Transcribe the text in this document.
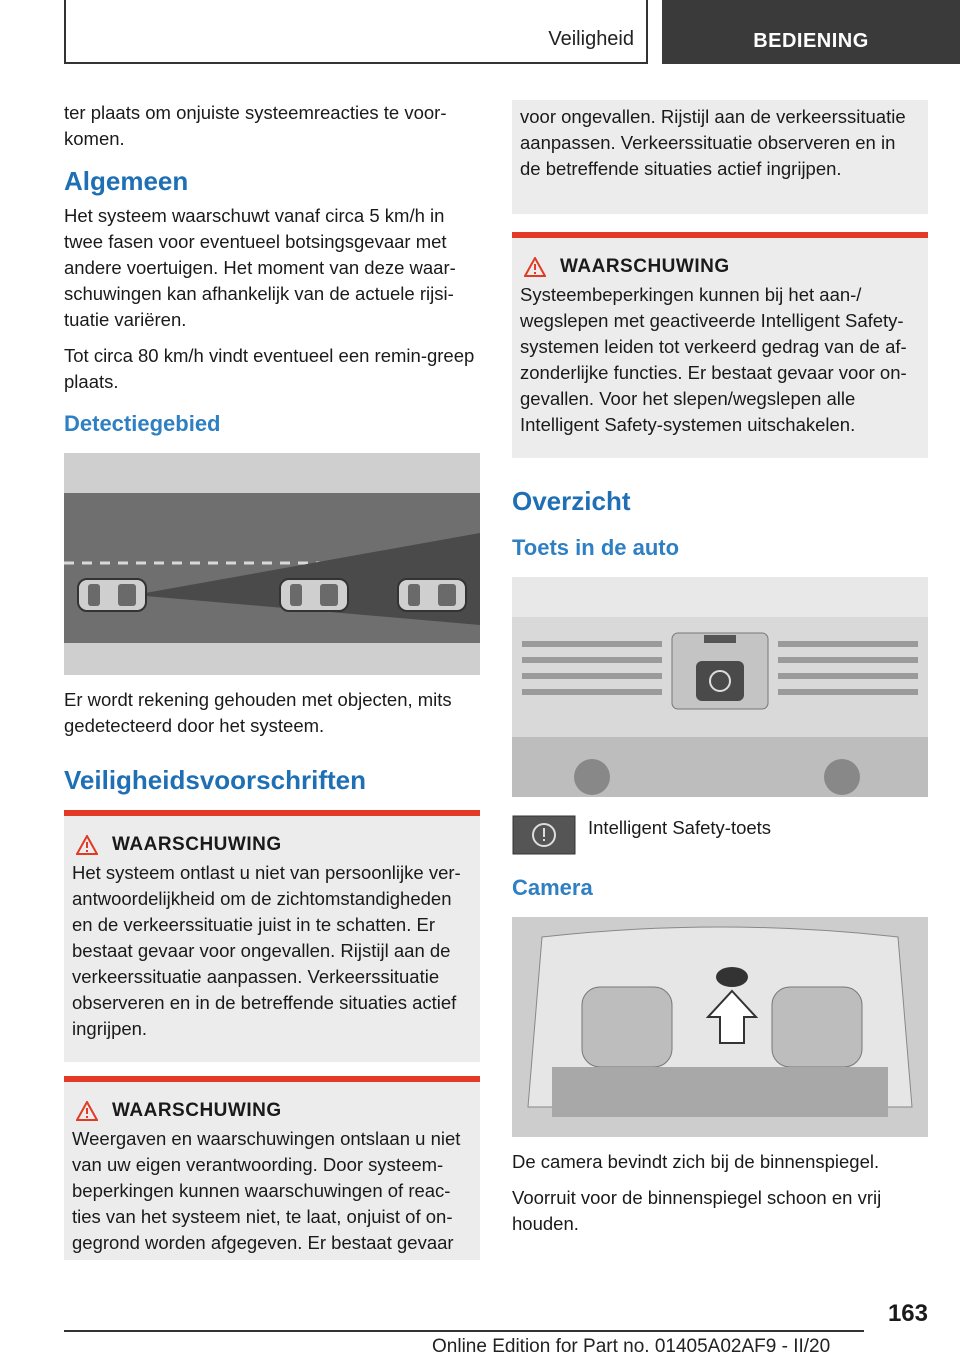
Veiligheid	BEDIENING

ter plaats om onjuiste systeemreacties te voor-
komen.

Algemeen

Het systeem waarschuwt vanaf circa 5 km/h in twee fasen voor eventueel botsingsgevaar met andere voertuigen. Het moment van deze waar-schuwingen kan afhankelijk van de actuele rijsi-tuatie variëren.

Tot circa 80 km/h vindt eventueel een remin-greep plaats.

Detectiegebied

Er wordt rekening gehouden met objecten, mits gedetecteerd door het systeem.

Veiligheidsvoorschriften
WAARSCHUWING

Het systeem ontlast u niet van persoonlijke ver-antwoordelijkheid om de zichtomstandigheden en de verkeerssituatie juist in te schatten. Er bestaat gevaar voor ongevallen. Rijstijl aan de verkeerssituatie aanpassen. Verkeerssituatie observeren en in de betreffende situaties actief ingrijpen.

WAARSCHUWING

Weergaven en waarschuwingen ontslaan u niet van uw eigen verantwoording. Door systeem-beperkingen kunnen waarschuwingen of reac-ties van het systeem niet, te laat, onjuist of on-gegrond worden afgegeven. Er bestaat gevaar

voor ongevallen. Rijstijl aan de verkeerssituatie aanpassen. Verkeerssituatie observeren en in de betreffende situaties actief ingrijpen.

WAARSCHUWING

Systeembeperkingen kunnen bij het aan-/ wegslepen met geactiveerde Intelligent Safety-systemen leiden tot verkeerd gedrag van de af-zonderlijke functies. Er bestaat gevaar voor on-gevallen. Voor het slepen/wegslepen alle Intelligent Safety-systemen uitschakelen.

Overzicht
Toets in de auto

Intelligent Safety-toets

Camera

De camera bevindt zich bij de binnenspiegel.

Voorruit voor de binnenspiegel schoon en vrij houden.

163
Online Edition for Part no. 01405A02AF9 - II/20
